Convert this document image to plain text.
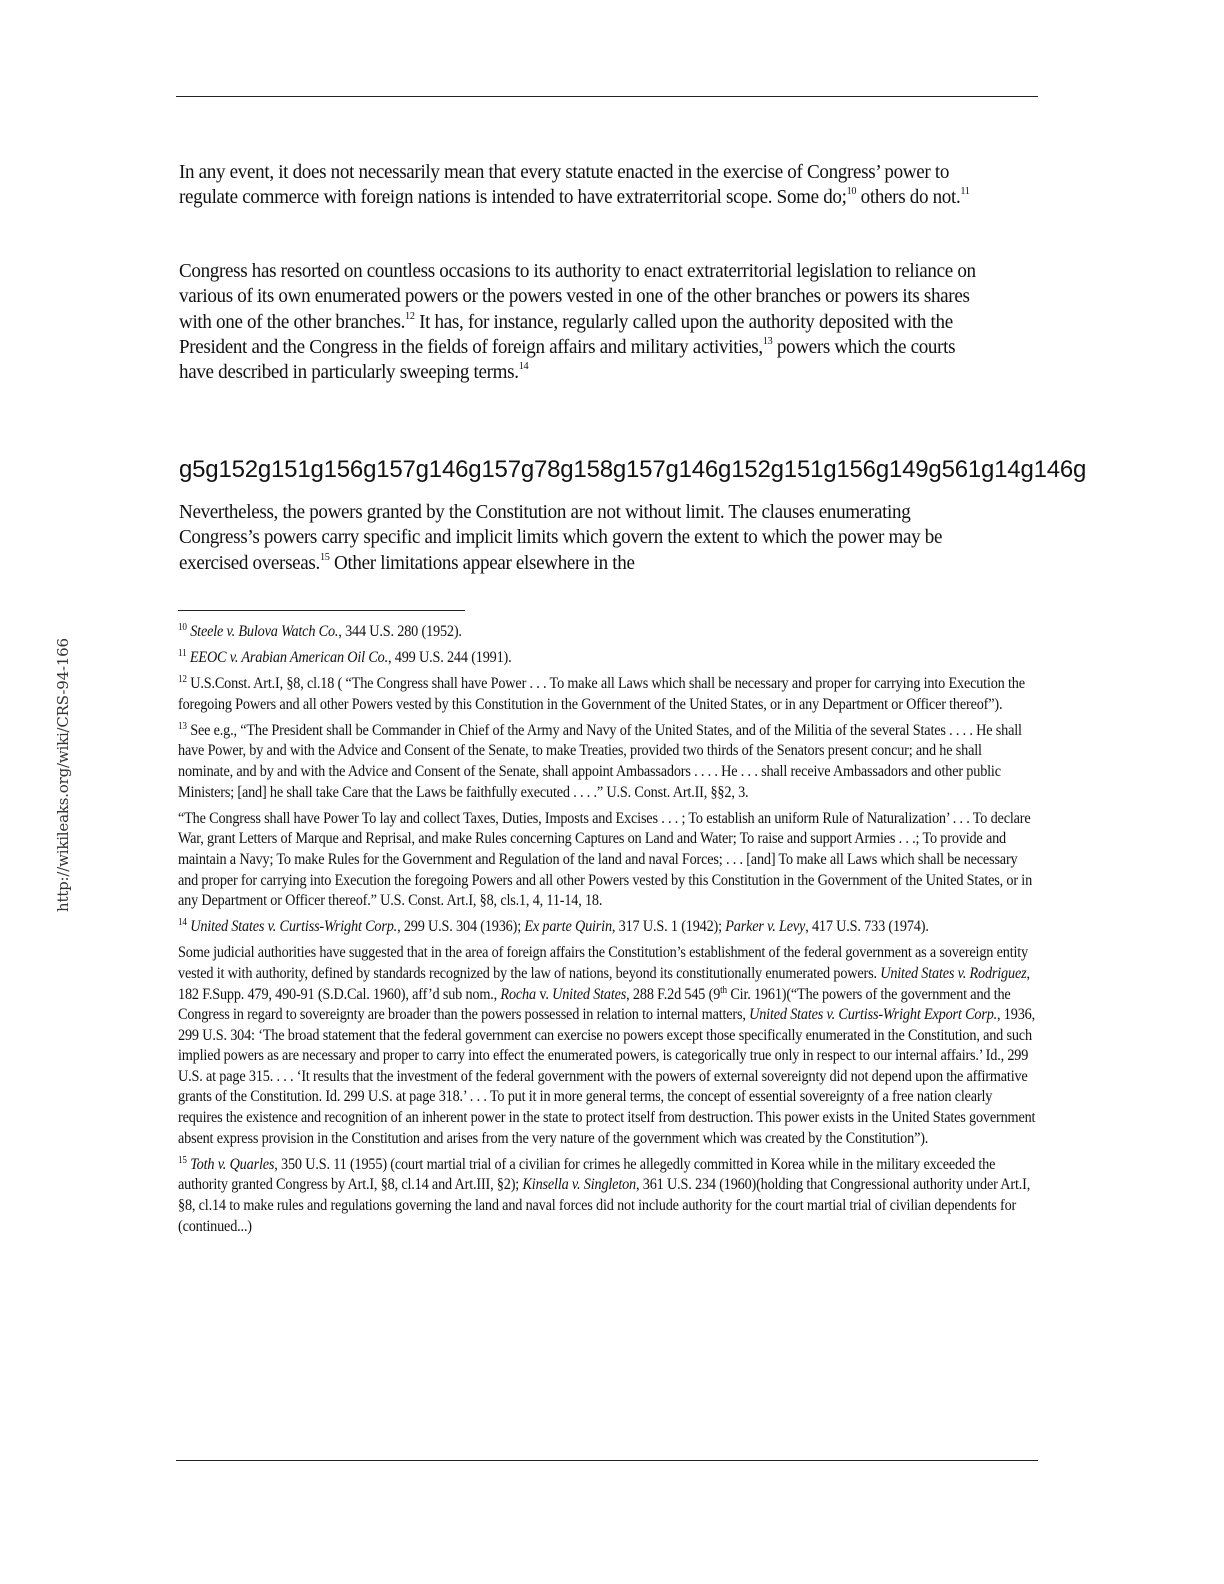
In any event, it does not necessarily mean that every statute enacted in the exercise of Congress’ power to regulate commerce with foreign nations is intended to have extraterritorial scope. Some do;$^{10}$ others do not.$^{11}$

Congress has resorted on countless occasions to its authority to enact extraterritorial legislation to reliance on various of its own enumerated powers or the powers vested in one of the other branches or powers its shares with one of the other branches.$^{12}$ It has, for instance, regularly called upon the authority deposited with the President and the Congress in the fields of foreign affairs and military activities,$^{13}$ powers which the courts have described in particularly sweeping terms.$^{14}$

g5g152g151g156g157g146g157g78g158g157g146g152g151g156g149g561g14g146g

Nevertheless, the powers granted by the Constitution are not without limit. The clauses enumerating Congress’s powers carry specific and implicit limits which govern the extent to which the power may be exercised overseas.$^{15}$ Other limitations appear elsewhere in the

$^{10}$ Steele v. Bulova Watch Co., 344 U.S. 280 (1952).

$^{11}$ EEOC v. Arabian American Oil Co., 499 U.S. 244 (1991).

$^{12}$ U.S.Const. Art.I, §8, cl.18 ( “The Congress shall have Power . . . To make all Laws which shall be necessary and proper for carrying into Execution the foregoing Powers and all other Powers vested by this Constitution in the Government of the United States, or in any Department or Officer thereof”).

$^{13}$ See e.g., “The President shall be Commander in Chief of the Army and Navy of the United States, and of the Militia of the several States . . . . He shall have Power, by and with the Advice and Consent of the Senate, to make Treaties, provided two thirds of the Senators present concur; and he shall nominate, and by and with the Advice and Consent of the Senate, shall appoint Ambassadors . . . . He . . . shall receive Ambassadors and other public Ministers; [and] he shall take Care that the Laws be faithfully executed . . . .” U.S. Const. Art.II, §§2, 3.

“The Congress shall have Power To lay and collect Taxes, Duties, Imposts and Excises . . . ; To establish an uniform Rule of Naturalization’ . . . To declare War, grant Letters of Marque and Reprisal, and make Rules concerning Captures on Land and Water; To raise and support Armies . . .; To provide and maintain a Navy; To make Rules for the Government and Regulation of the land and naval Forces; . . . [and] To make all Laws which shall be necessary and proper for carrying into Execution the foregoing Powers and all other Powers vested by this Constitution in the Government of the United States, or in any Department or Officer thereof.” U.S. Const. Art.I, §8, cls.1, 4, 11-14, 18.

$^{14}$ United States v. Curtiss-Wright Corp., 299 U.S. 304 (1936); Ex parte Quirin, 317 U.S. 1 (1942); Parker v. Levy, 417 U.S. 733 (1974).

Some judicial authorities have suggested that in the area of foreign affairs the Constitution’s establishment of the federal government as a sovereign entity vested it with authority, defined by standards recognized by the law of nations, beyond its constitutionally enumerated powers. United States v. Rodriguez, 182 F.Supp. 479, 490-91 (S.D.Cal. 1960), aff’d sub nom., Rocha v. United States, 288 F.2d 545 (9th Cir. 1961)(“The powers of the government and the Congress in regard to sovereignty are broader than the powers possessed in relation to internal matters, United States v. Curtiss-Wright Export Corp., 1936, 299 U.S. 304: ‘The broad statement that the federal government can exercise no powers except those specifically enumerated in the Constitution, and such implied powers as are necessary and proper to carry into effect the enumerated powers, is categorically true only in respect to our internal affairs.’ Id., 299 U.S. at page 315. . . . ‘It results that the investment of the federal government with the powers of external sovereignty did not depend upon the affirmative grants of the Constitution. Id. 299 U.S. at page 318.’ . . . To put it in more general terms, the concept of essential sovereignty of a free nation clearly requires the existence and recognition of an inherent power in the state to protect itself from destruction. This power exists in the United States government absent express provision in the Constitution and arises from the very nature of the government which was created by the Constitution”).

$^{15}$ Toth v. Quarles, 350 U.S. 11 (1955) (court martial trial of a civilian for crimes he allegedly committed in Korea while in the military exceeded the authority granted Congress by Art.I, §8, cl.14 and Art.III, §2); Kinsella v. Singleton, 361 U.S. 234 (1960)(holding that Congressional authority under Art.I, §8, cl.14 to make rules and regulations governing the land and naval forces did not include authority for the court martial trial of civilian dependents for (continued...)

http://wikileaks.org/wiki/CRS-94-166
